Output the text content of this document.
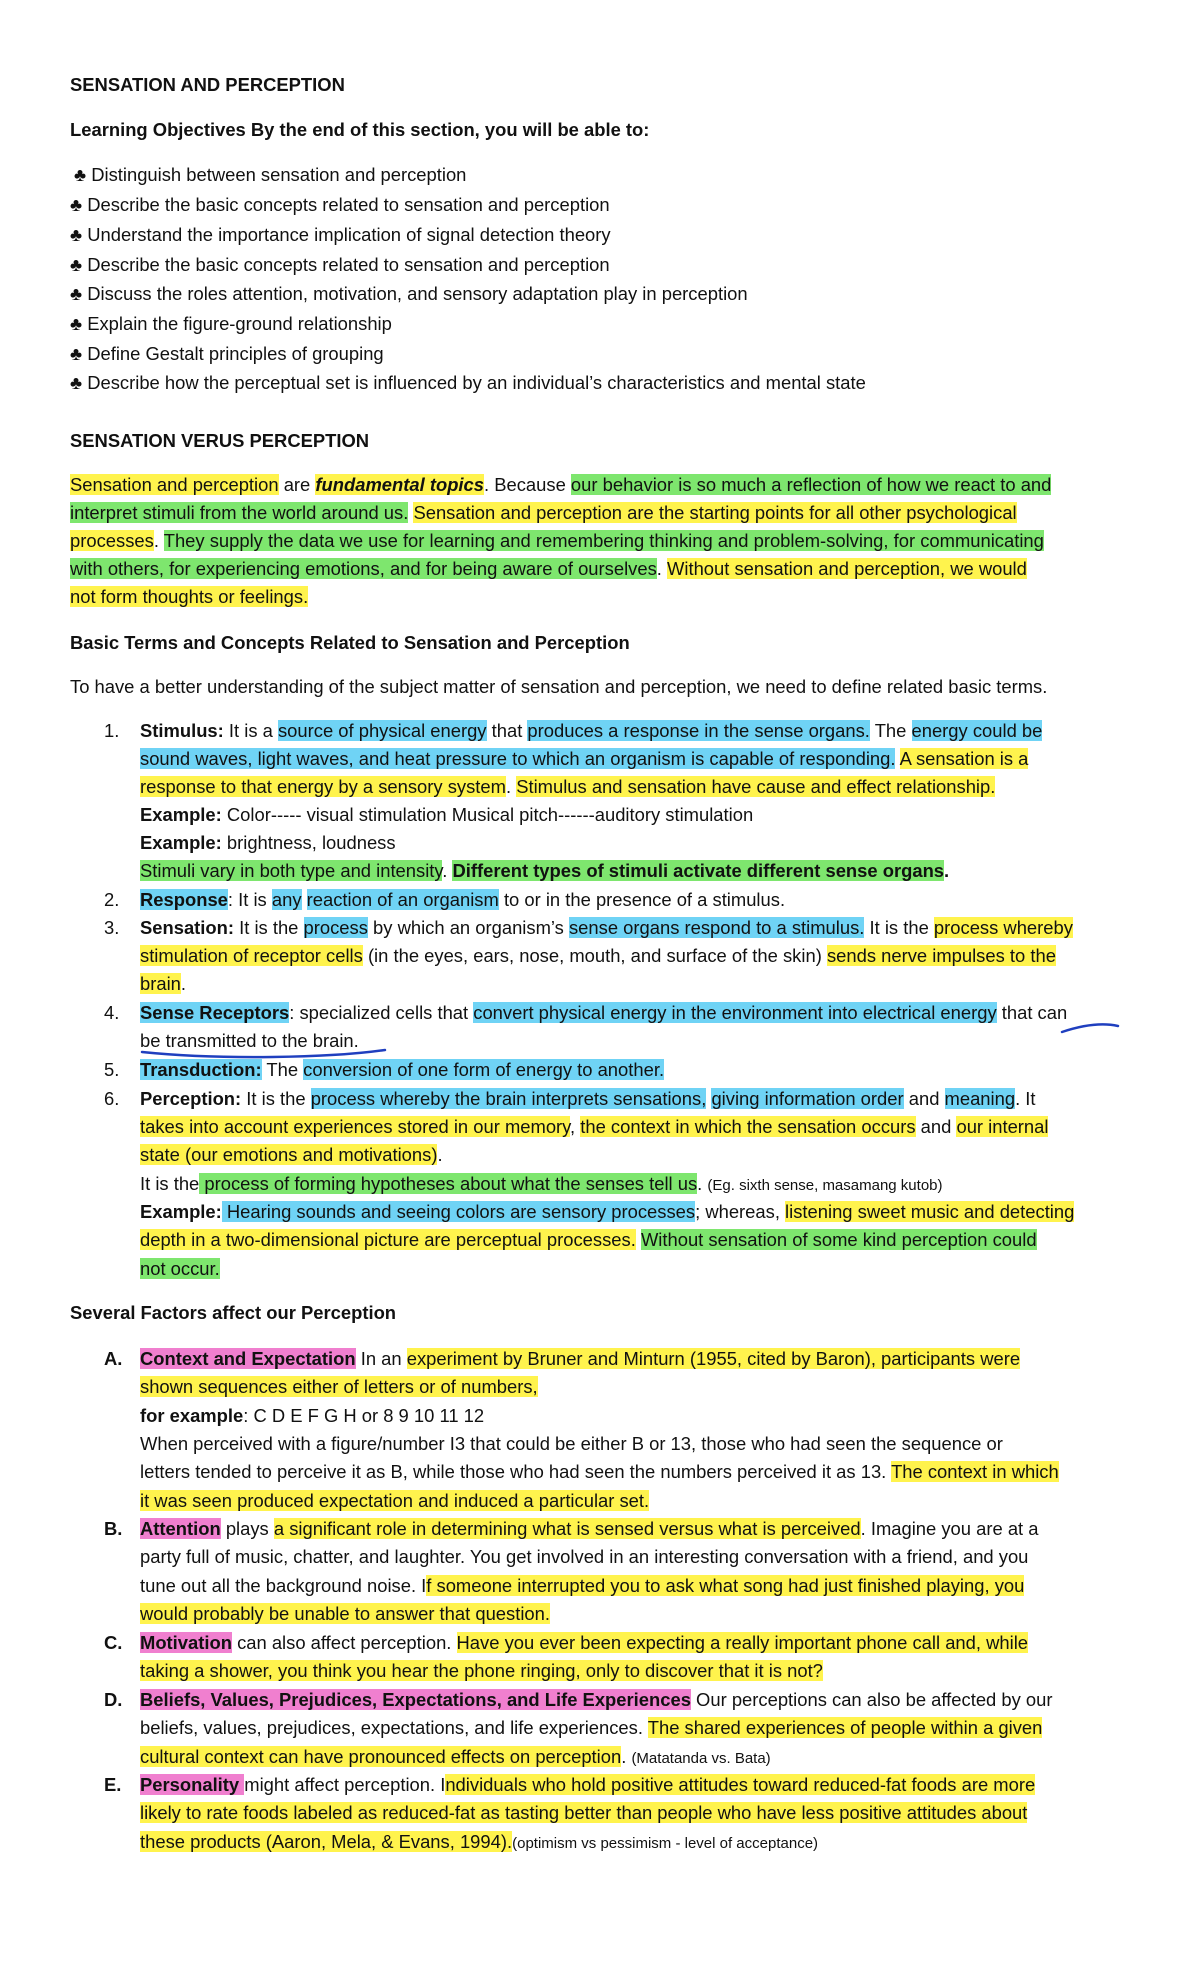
SENSATION AND PERCEPTION
Learning Objectives By the end of this section, you will be able to:
♣ Distinguish between sensation and perception
♣ Describe the basic concepts related to sensation and perception
♣ Understand the importance implication of signal detection theory
♣ Describe the basic concepts related to sensation and perception
♣ Discuss the roles attention, motivation, and sensory adaptation play in perception
♣ Explain the figure-ground relationship
♣ Define Gestalt principles of grouping
♣ Describe how the perceptual set is influenced by an individual’s characteristics and mental state
SENSATION VERUS PERCEPTION
Sensation and perception are fundamental topics. Because our behavior is so much a reflection of how we react to and
interpret stimuli from the world around us. Sensation and perception are the starting points for all other psychological
processes. They supply the data we use for learning and remembering thinking and problem-solving, for communicating
with others, for experiencing emotions, and for being aware of ourselves. Without sensation and perception, we would
not form thoughts or feelings.
Basic Terms and Concepts Related to Sensation and Perception
To have a better understanding of the subject matter of sensation and perception, we need to define related basic terms.
1. Stimulus: It is a source of physical energy that produces a response in the sense organs. The energy could be
sound waves, light waves, and heat pressure to which an organism is capable of responding. A sensation is a
response to that energy by a sensory system. Stimulus and sensation have cause and effect relationship.
Example: Color----- visual stimulation Musical pitch------auditory stimulation
Example: brightness, loudness
Stimuli vary in both type and intensity. Different types of stimuli activate different sense organs.
2. Response: It is any reaction of an organism to or in the presence of a stimulus.
3. Sensation: It is the process by which an organism’s sense organs respond to a stimulus. It is the process whereby
stimulation of receptor cells (in the eyes, ears, nose, mouth, and surface of the skin) sends nerve impulses to the
brain.
4. Sense Receptors: specialized cells that convert physical energy in the environment into electrical energy that can
be transmitted to the brain.
5. Transduction: The conversion of one form of energy to another.
6. Perception: It is the process whereby the brain interprets sensations, giving information order and meaning. It
takes into account experiences stored in our memory, the context in which the sensation occurs and our internal
state (our emotions and motivations).
It is the process of forming hypotheses about what the senses tell us. (Eg. sixth sense, masamang kutob)
Example: Hearing sounds and seeing colors are sensory processes; whereas, listening sweet music and detecting
depth in a two-dimensional picture are perceptual processes. Without sensation of some kind perception could
not occur.
Several Factors affect our Perception
A. Context and Expectation In an experiment by Bruner and Minturn (1955, cited by Baron), participants were
shown sequences either of letters or of numbers,
for example: C D E F G H or 8 9 10 11 12
When perceived with a figure/number I3 that could be either B or 13, those who had seen the sequence or
letters tended to perceive it as B, while those who had seen the numbers perceived it as 13. The context in which
it was seen produced expectation and induced a particular set.
B. Attention plays a significant role in determining what is sensed versus what is perceived. Imagine you are at a
party full of music, chatter, and laughter. You get involved in an interesting conversation with a friend, and you
tune out all the background noise. If someone interrupted you to ask what song had just finished playing, you
would probably be unable to answer that question.
C. Motivation can also affect perception. Have you ever been expecting a really important phone call and, while
taking a shower, you think you hear the phone ringing, only to discover that it is not?
D. Beliefs, Values, Prejudices, Expectations, and Life Experiences Our perceptions can also be affected by our
beliefs, values, prejudices, expectations, and life experiences. The shared experiences of people within a given
cultural context can have pronounced effects on perception. (Matatanda vs. Bata)
E. Personality might affect perception. Individuals who hold positive attitudes toward reduced-fat foods are more
likely to rate foods labeled as reduced-fat as tasting better than people who have less positive attitudes about
these products (Aaron, Mela, & Evans, 1994).(optimism vs pessimism - level of acceptance)
